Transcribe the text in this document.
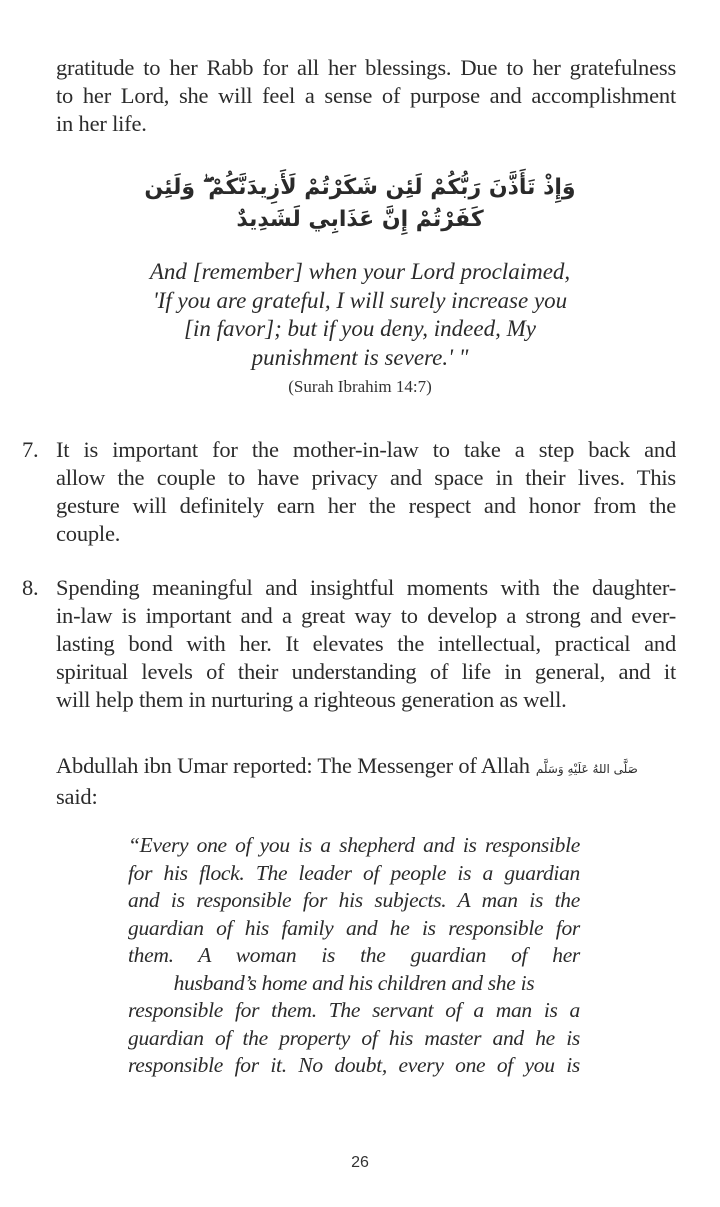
gratitude to her Rabb for all her blessings. Due to her gratefulness
to her Lord, she will feel a sense of purpose and accomplishment
in her life.
وَإِذْ تَأَذَّنَ رَبُّكُمْ لَئِن شَكَرْتُمْ لَأَزِيدَنَّكُمْ ۖ وَلَئِن
كَفَرْتُمْ إِنَّ عَذَابِي لَشَدِيدٌ
And [remember] when your Lord proclaimed,
'If you are grateful, I will surely increase you
[in favor]; but if you deny, indeed, My
punishment is severe.' "
(Surah Ibrahim 14:7)
7. It is important for the mother-in-law to take a step back and
allow the couple to have privacy and space in their lives. This
gesture will definitely earn her the respect and honor from the
couple.
8. Spending meaningful and insightful moments with the daughter-
in-law is important and a great way to develop a strong and ever-
lasting bond with her. It elevates the intellectual, practical and
spiritual levels of their understanding of life in general, and it
will help them in nurturing a righteous generation as well.
Abdullah ibn Umar reported: The Messenger of Allah صَلَّى اللهُ عَلَيْهِ وَسَلَّم
said:
“Every one of you is a shepherd and is responsible
for his flock. The leader of people is a guardian
and is responsible for his subjects. A man is the
guardian of his family and he is responsible for
them. A woman is the guardian of her
husband’s home and his children and she is
responsible for them. The servant of a man is a
guardian of the property of his master and he is
responsible for it. No doubt, every one of you is
26
